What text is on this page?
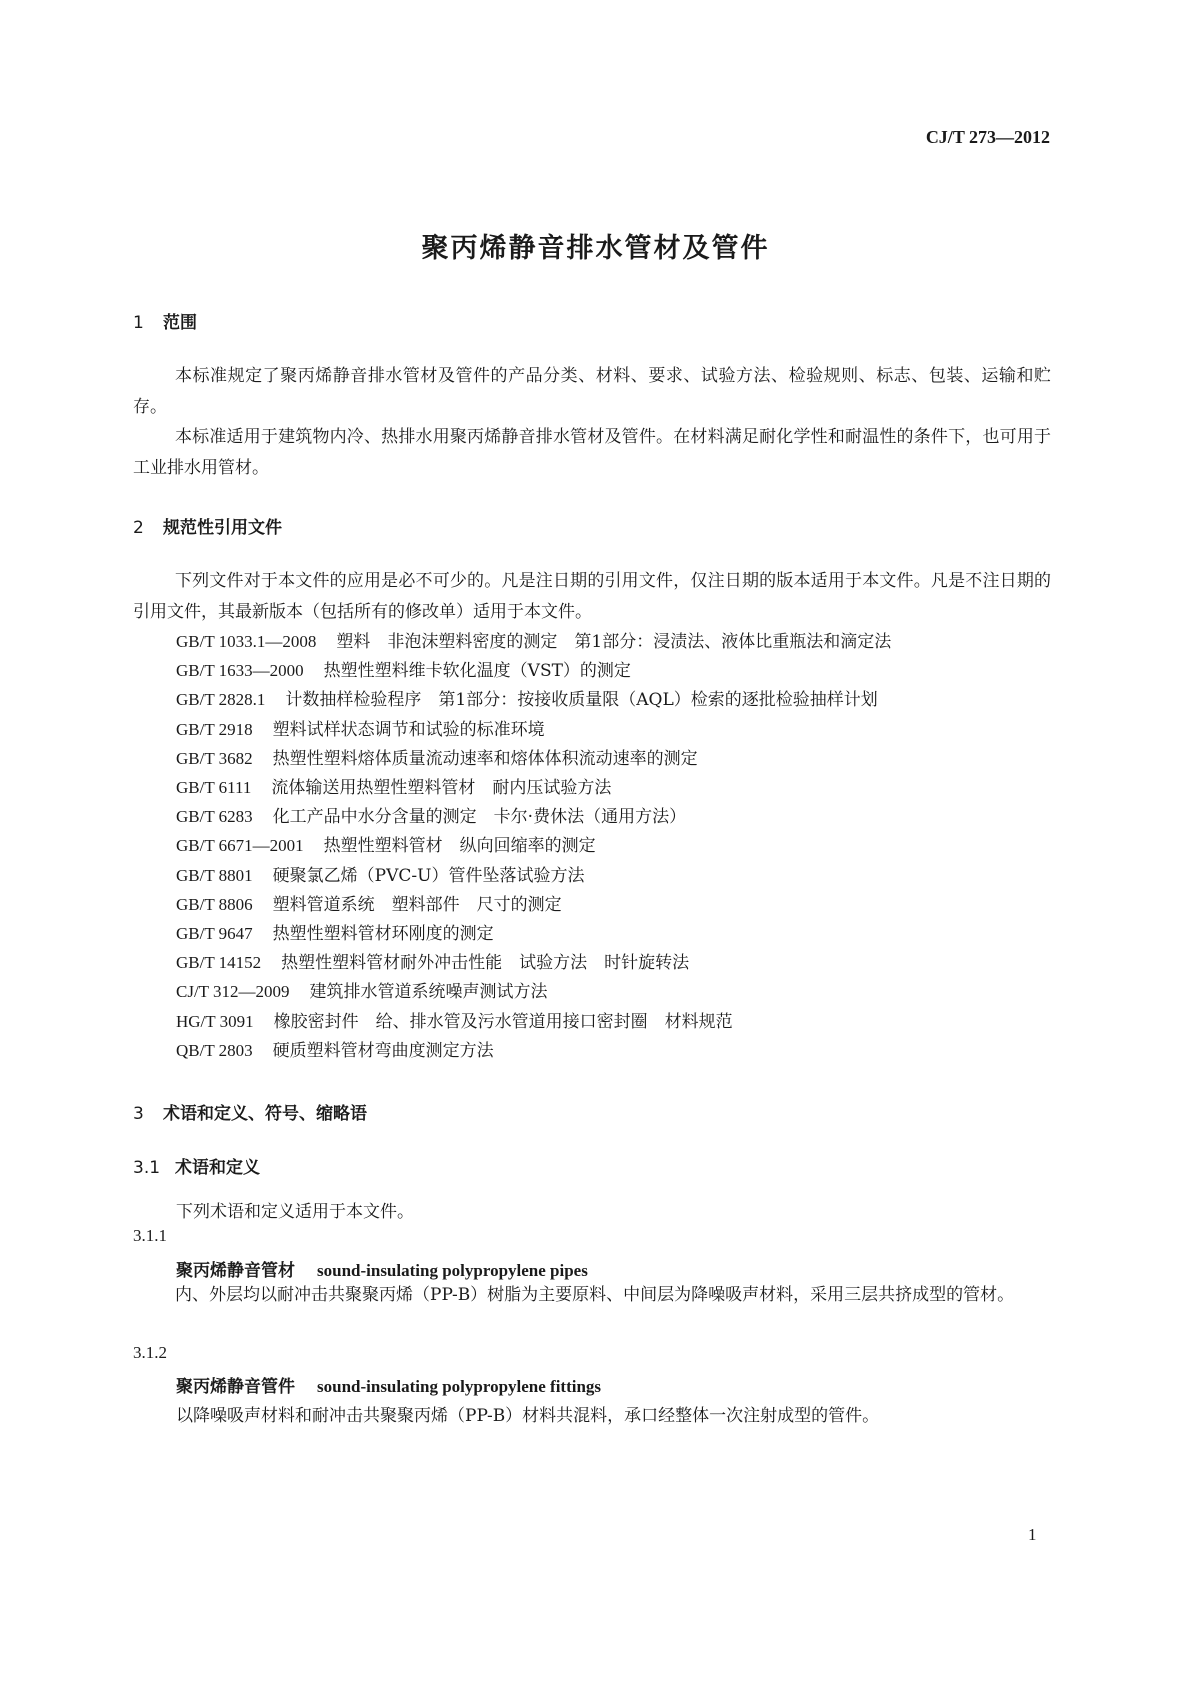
CJ/T 273—2012
聚丙烯静音排水管材及管件
1 范围
本标准规定了聚丙烯静音排水管材及管件的产品分类、材料、要求、试验方法、检验规则、标志、包装、运输和贮存。
本标准适用于建筑物内冷、热排水用聚丙烯静音排水管材及管件。在材料满足耐化学性和耐温性的条件下，也可用于工业排水用管材。
2 规范性引用文件
下列文件对于本文件的应用是必不可少的。凡是注日期的引用文件，仅注日期的版本适用于本文件。凡是不注日期的引用文件，其最新版本（包括所有的修改单）适用于本文件。
GB/T 1033.1—2008 塑料　非泡沫塑料密度的测定　第1部分：浸渍法、液体比重瓶法和滴定法
GB/T 1633—2000 热塑性塑料维卡软化温度（VST）的测定
GB/T 2828.1 计数抽样检验程序　第1部分：按接收质量限（AQL）检索的逐批检验抽样计划
GB/T 2918 塑料试样状态调节和试验的标准环境
GB/T 3682 热塑性塑料熔体质量流动速率和熔体体积流动速率的测定
GB/T 6111 流体输送用热塑性塑料管材　耐内压试验方法
GB/T 6283 化工产品中水分含量的测定　卡尔·费休法（通用方法）
GB/T 6671—2001 热塑性塑料管材　纵向回缩率的测定
GB/T 8801 硬聚氯乙烯（PVC-U）管件坠落试验方法
GB/T 8806 塑料管道系统　塑料部件　尺寸的测定
GB/T 9647 热塑性塑料管材环刚度的测定
GB/T 14152 热塑性塑料管材耐外冲击性能　试验方法　时针旋转法
CJ/T 312—2009 建筑排水管道系统噪声测试方法
HG/T 3091 橡胶密封件　给、排水管及污水管道用接口密封圈　材料规范
QB/T 2803 硬质塑料管材弯曲度测定方法
3 术语和定义、符号、缩略语
3.1 术语和定义
下列术语和定义适用于本文件。
3.1.1
聚丙烯静音管材 sound-insulating polypropylene pipes
内、外层均以耐冲击共聚聚丙烯（PP-B）树脂为主要原料、中间层为降噪吸声材料，采用三层共挤成型的管材。
3.1.2
聚丙烯静音管件 sound-insulating polypropylene fittings
以降噪吸声材料和耐冲击共聚聚丙烯（PP-B）材料共混料，承口经整体一次注射成型的管件。
1
